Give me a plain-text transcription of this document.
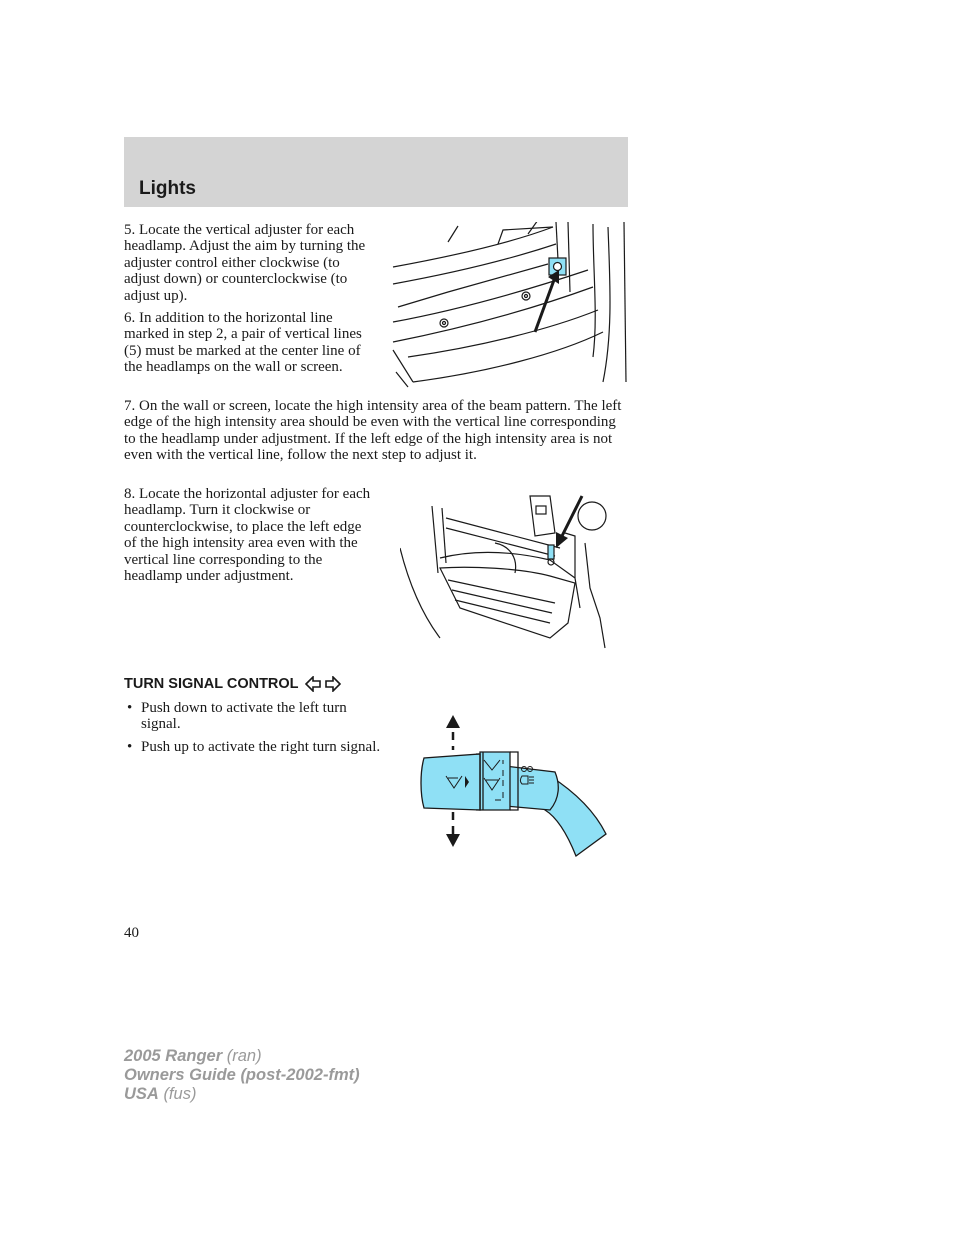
Lights

5. Locate the vertical adjuster for each headlamp. Adjust the aim by turning the adjuster control either clockwise (to adjust down) or counterclockwise (to adjust up).

6. In addition to the horizontal line marked in step 2, a pair of vertical lines (5) must be marked at the center line of the headlamps on the wall or screen.

7. On the wall or screen, locate the high intensity area of the beam pattern. The left edge of the high intensity area should be even with the vertical line corresponding to the headlamp under adjustment. If the left edge of the high intensity area is not even with the vertical line, follow the next step to adjust it.

8. Locate the horizontal adjuster for each headlamp. Turn it clockwise or counterclockwise, to place the left edge of the high intensity area even with the vertical line corresponding to the headlamp under adjustment.

TURN SIGNAL CONTROL
• Push down to activate the left turn signal.
• Push up to activate the right turn signal.
40
2005 Ranger (ran)
Owners Guide (post-2002-fmt)
USA (fus)
